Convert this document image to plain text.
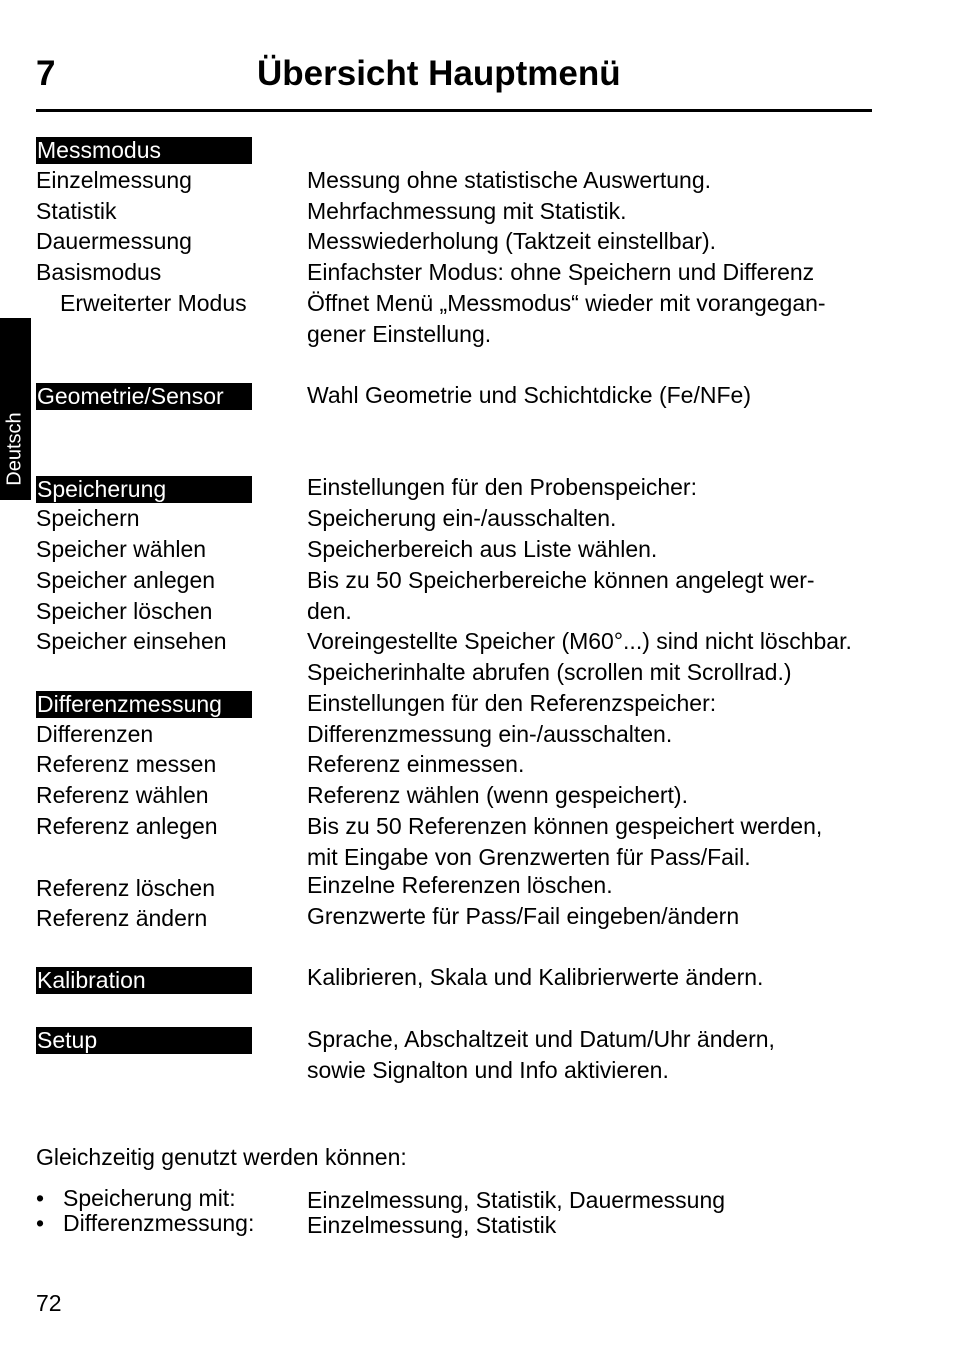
7	Übersicht Hauptmenü
Deutsch
Messmodus
Einzelmessung	Messung ohne statistische Auswertung.
Statistik	Mehrfachmessung mit Statistik.
Dauermessung	Messwiederholung (Taktzeit einstellbar).
Basismodus	Einfachster Modus: ohne Speichern und Differenz
Erweiterter Modus	Öffnet Menü „Messmodus“ wieder mit vorangegan-
gener Einstellung.
Geometrie/Sensor	Wahl Geometrie und Schichtdicke (Fe/NFe)
Speicherung	Einstellungen für den Probenspeicher:
Speichern	Speicherung ein-/ausschalten.
Speicher wählen	Speicherbereich aus Liste wählen.
Speicher anlegen	Bis zu 50 Speicherbereiche können angelegt wer-
Speicher löschen	den.
Speicher einsehen	Voreingestellte Speicher (M60°...) sind nicht löschbar.
Speicherinhalte abrufen (scrollen mit Scrollrad.)
Differenzmessung	Einstellungen für den Referenzspeicher:
Differenzen	Differenzmessung ein-/ausschalten.
Referenz messen	Referenz einmessen.
Referenz wählen	Referenz wählen (wenn gespeichert).
Referenz anlegen	Bis zu 50 Referenzen können gespeichert werden,
mit Eingabe von Grenzwerten für Pass/Fail.
Referenz löschen	Einzelne Referenzen löschen.
Referenz ändern	Grenzwerte für Pass/Fail eingeben/ändern
Kalibration	Kalibrieren, Skala und Kalibrierwerte ändern.
Setup	Sprache, Abschaltzeit und Datum/Uhr ändern,
sowie Signalton und Info aktivieren.
Gleichzeitig genutzt werden können:
• Speicherung mit:	Einzelmessung, Statistik, Dauermessung
• Differenzmessung: Einzelmessung, Statistik
72
